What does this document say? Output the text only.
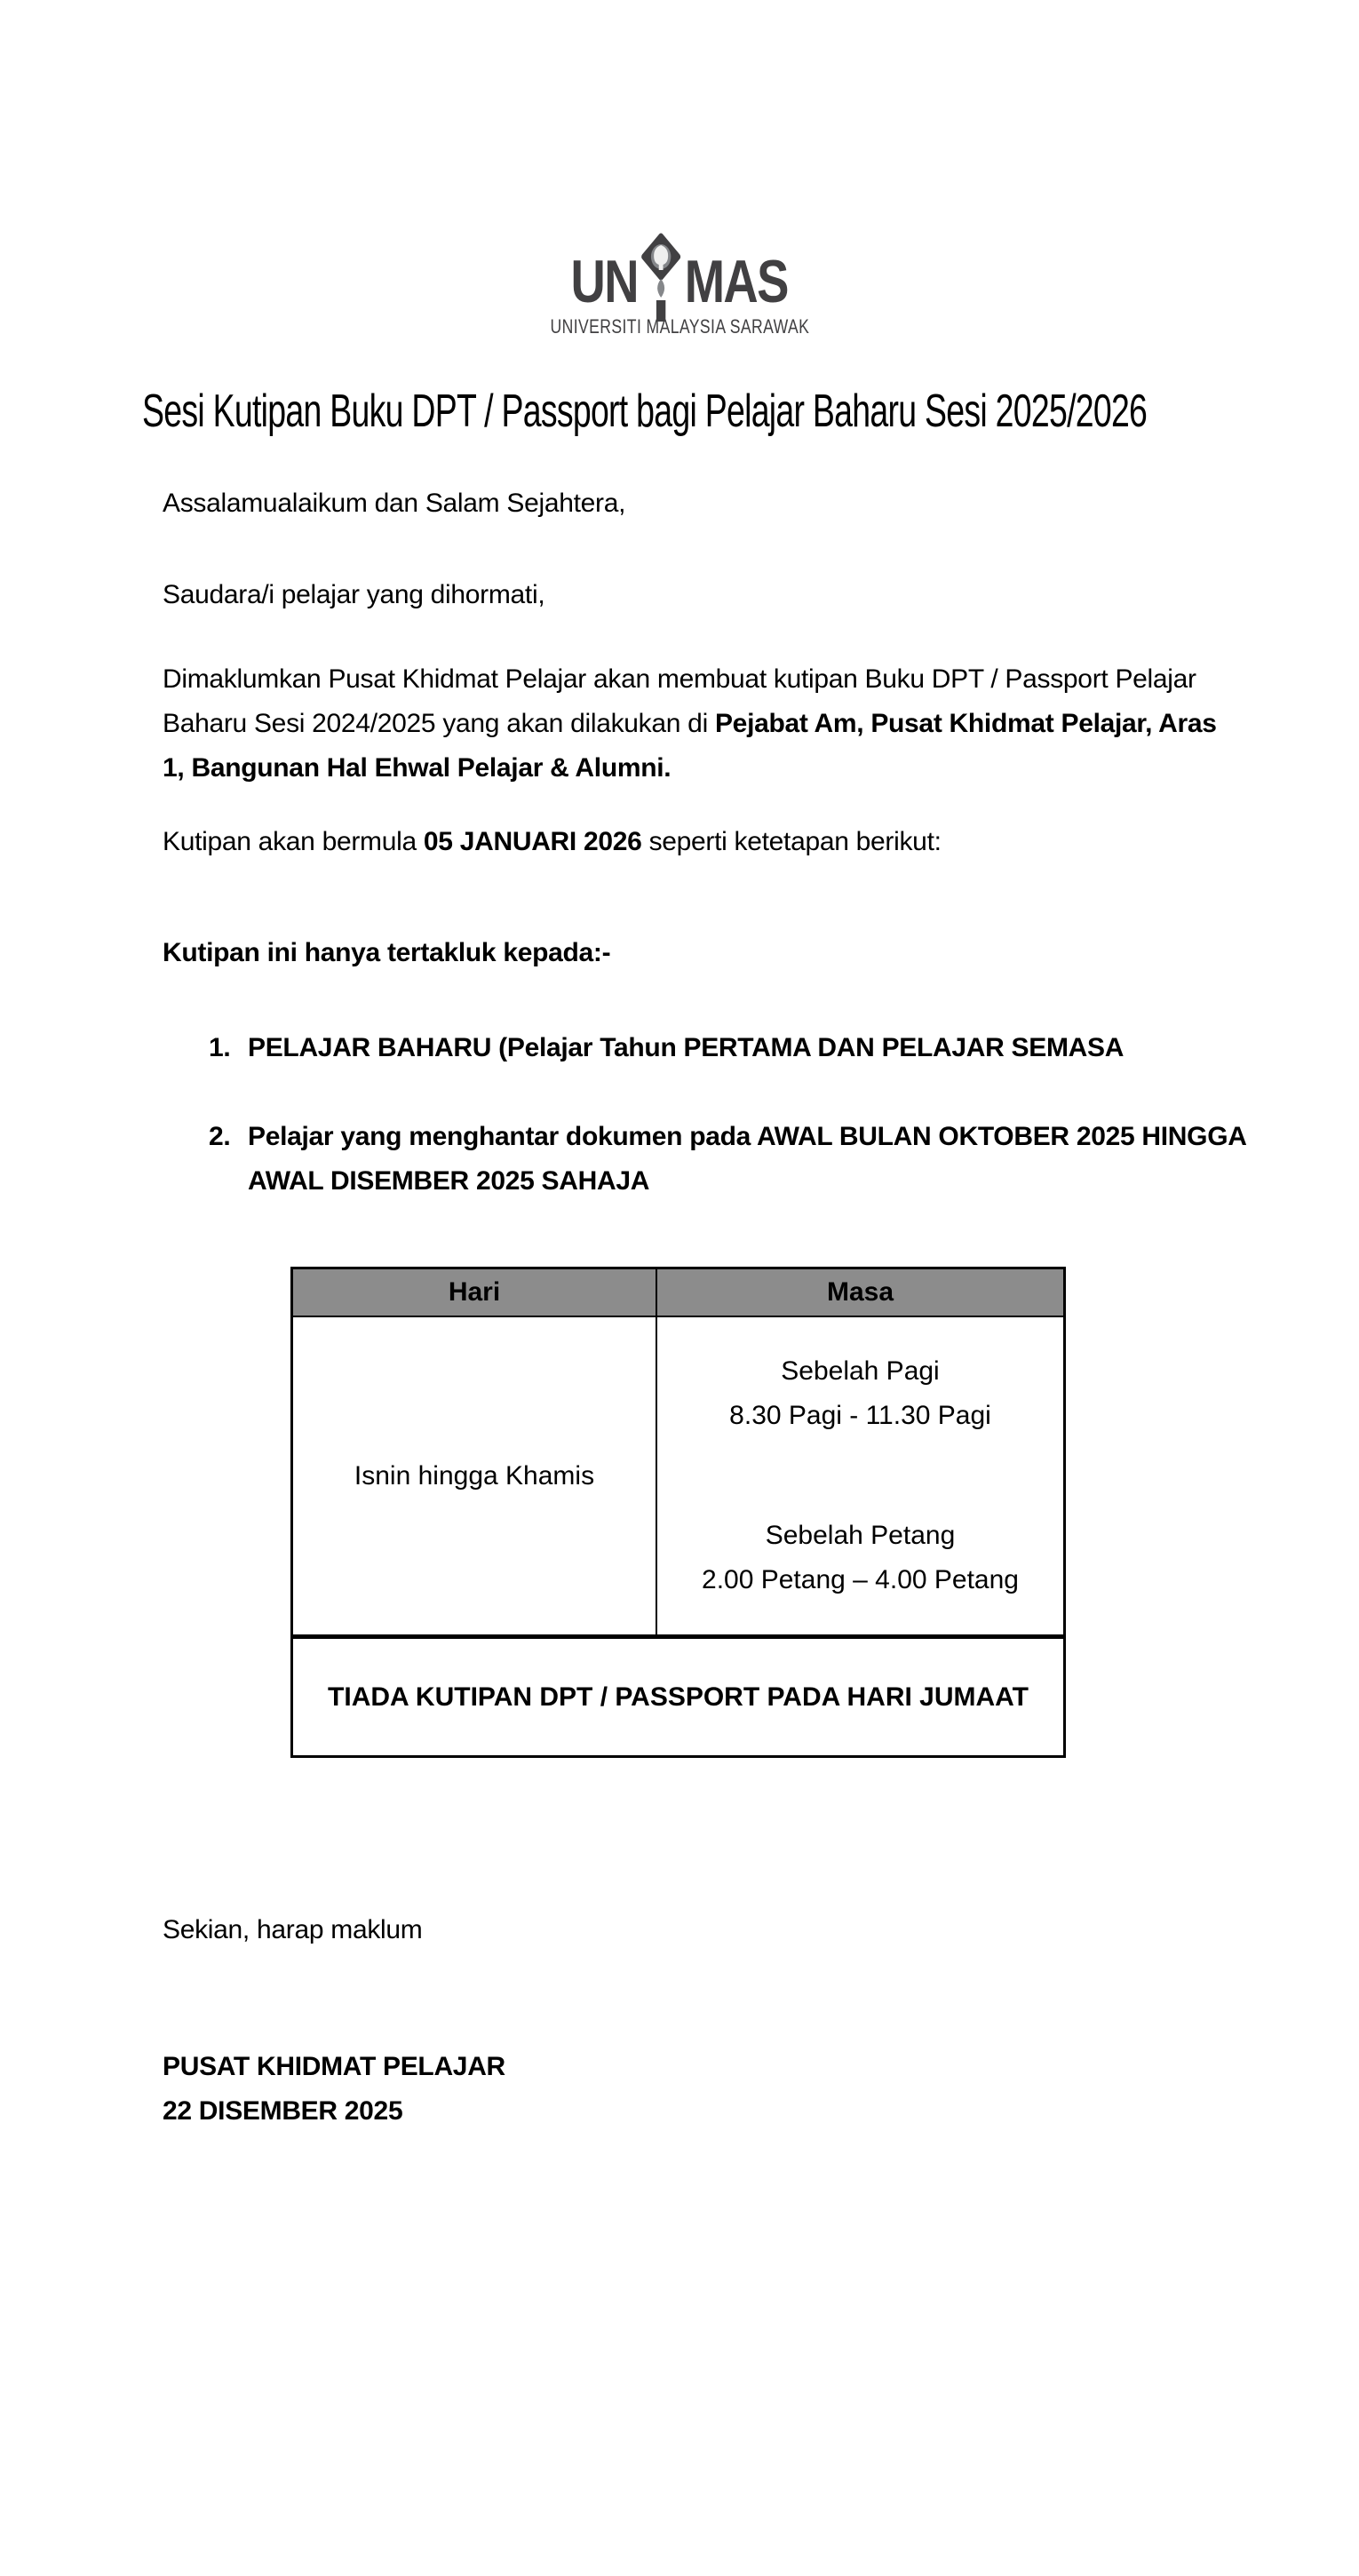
UN MAS
UNIVERSITI MALAYSIA SARAWAK
Sesi Kutipan Buku DPT / Passport bagi Pelajar Baharu Sesi 2025/2026

Assalamualaikum dan Salam Sejahtera,

Saudara/i pelajar yang dihormati,

Dimaklumkan Pusat Khidmat Pelajar akan membuat kutipan Buku DPT / Passport Pelajar Baharu Sesi 2024/2025 yang akan dilakukan di Pejabat Am, Pusat Khidmat Pelajar, Aras 1, Bangunan Hal Ehwal Pelajar & Alumni.

Kutipan akan bermula 05 JANUARI 2026 seperti ketetapan berikut:

Kutipan ini hanya tertakluk kepada:-

1. PELAJAR BAHARU (Pelajar Tahun PERTAMA DAN PELAJAR SEMASA
2. Pelajar yang menghantar dokumen pada AWAL BULAN OKTOBER 2025 HINGGA AWAL DISEMBER 2025 SAHAJA
Hari	Masa
Isnin hingga Khamis
Sebelah Pagi
8.30 Pagi - 11.30 Pagi
Sebelah Petang
2.00 Petang – 4.00 Petang
TIADA KUTIPAN DPT / PASSPORT PADA HARI JUMAAT

Sekian, harap maklum

PUSAT KHIDMAT PELAJAR
22 DISEMBER 2025
